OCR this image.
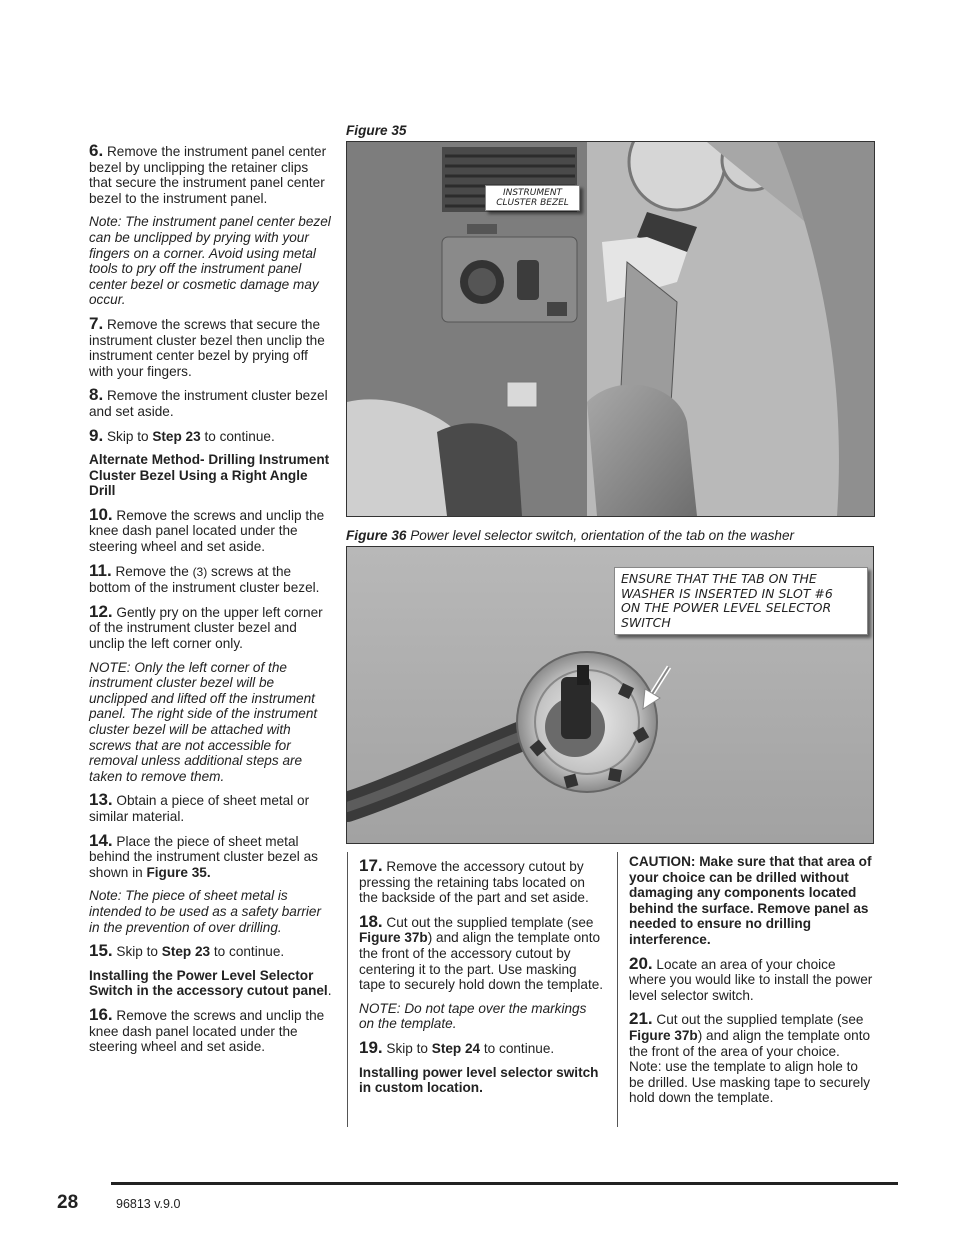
6. Remove the instrument panel center bezel by unclipping the retainer clips that secure the instrument panel center bezel to the instrument panel.

Note: The instrument panel center bezel can be unclipped by prying with your fingers on a corner. Avoid using metal tools to pry off the instrument panel center bezel or cosmetic damage may occur.

7. Remove the screws that secure the instrument cluster bezel then unclip the instrument center bezel by prying off with your fingers.

8. Remove the instrument cluster bezel and set aside.

9. Skip to Step 23 to continue.

Alternate Method- Drilling Instrument Cluster Bezel Using a Right Angle Drill

10. Remove the screws and unclip the knee dash panel located under the steering wheel and set aside.

11. Remove the (3) screws at the bottom of the instrument cluster bezel.

12. Gently pry on the upper left corner of the instrument cluster bezel and unclip the left corner only.

NOTE: Only the left corner of the instrument cluster bezel will be unclipped and lifted off the instrument panel. The right side of the instrument cluster bezel will be attached with screws that are not accessible for removal unless additional steps are taken to remove them.

13. Obtain a piece of sheet metal or similar material.

14. Place the piece of sheet metal behind the instrument cluster bezel as shown in Figure 35.

Note: The piece of sheet metal is intended to be used as a safety barrier in the prevention of over drilling.

15. Skip to Step 23 to continue.

Installing the Power Level Selector Switch in the accessory cutout panel.

16. Remove the screws and unclip the knee dash panel located under the steering wheel and set aside.

Figure 35
INSTRUMENT
CLUSTER BEZEL
Figure 36 Power level selector switch, orientation of the tab on the washer
ENSURE THAT THE TAB ON THE
WASHER IS INSERTED IN SLOT #6
ON THE POWER LEVEL SELECTOR
SWITCH

17. Remove the accessory cutout by pressing the retaining tabs located on the backside of the part and set aside.

18. Cut out the supplied template (see Figure 37b) and align the template onto the front of the accessory cutout by centering it to the part. Use masking tape to securely hold down the template.

NOTE: Do not tape over the markings on the template.

19. Skip to Step 24 to continue.

Installing power level selector switch in custom location.

CAUTION: Make sure that that area of your choice can be drilled without damaging any components located behind the surface. Remove panel as needed to ensure no drilling interference.

20. Locate an area of your choice where you would like to install the power level selector switch.

21. Cut out the supplied template (see Figure 37b) and align the template onto the front of the area of your choice. Note: use the template to align hole to be drilled. Use masking tape to securely hold down the template.

28	96813 v.9.0
